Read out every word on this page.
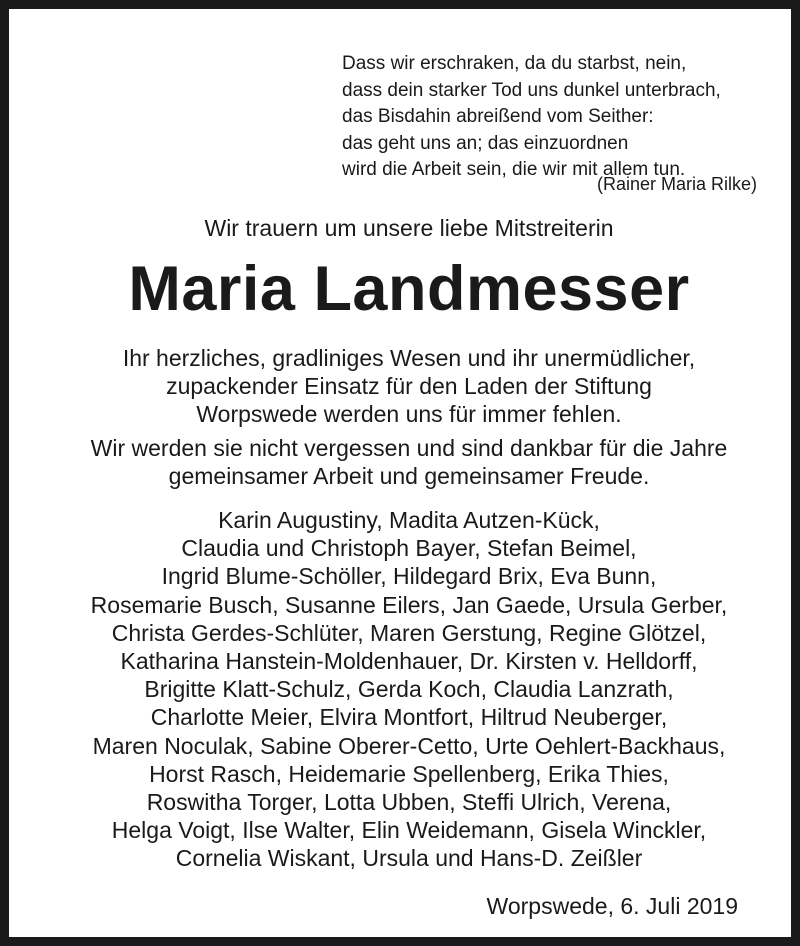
Dass wir erschraken, da du starbst, nein,
dass dein starker Tod uns dunkel unterbrach,
das Bisdahin abreißend vom Seither:
das geht uns an; das einzuordnen
wird die Arbeit sein, die wir mit allem tun.
(Rainer Maria Rilke)
Wir trauern um unsere liebe Mitstreiterin
Maria Landmesser
Ihr herzliches, gradliniges Wesen und ihr unermüdlicher,
zupackender Einsatz für den Laden der Stiftung
Worpswede werden uns für immer fehlen.
Wir werden sie nicht vergessen und sind dankbar für die Jahre
gemeinsamer Arbeit und gemeinsamer Freude.
Karin Augustiny, Madita Autzen-Kück,
Claudia und Christoph Bayer, Stefan Beimel,
Ingrid Blume-Schöller, Hildegard Brix, Eva Bunn,
Rosemarie Busch, Susanne Eilers, Jan Gaede, Ursula Gerber,
Christa Gerdes-Schlüter, Maren Gerstung, Regine Glötzel,
Katharina Hanstein-Moldenhauer, Dr. Kirsten v. Helldorff,
Brigitte Klatt-Schulz, Gerda Koch, Claudia Lanzrath,
Charlotte Meier, Elvira Montfort, Hiltrud Neuberger,
Maren Noculak, Sabine Oberer-Cetto, Urte Oehlert-Backhaus,
Horst Rasch, Heidemarie Spellenberg, Erika Thies,
Roswitha Torger, Lotta Ubben, Steffi Ulrich, Verena,
Helga Voigt, Ilse Walter, Elin Weidemann, Gisela Winckler,
Cornelia Wiskant, Ursula und Hans-D. Zeißler
Worpswede, 6. Juli 2019
